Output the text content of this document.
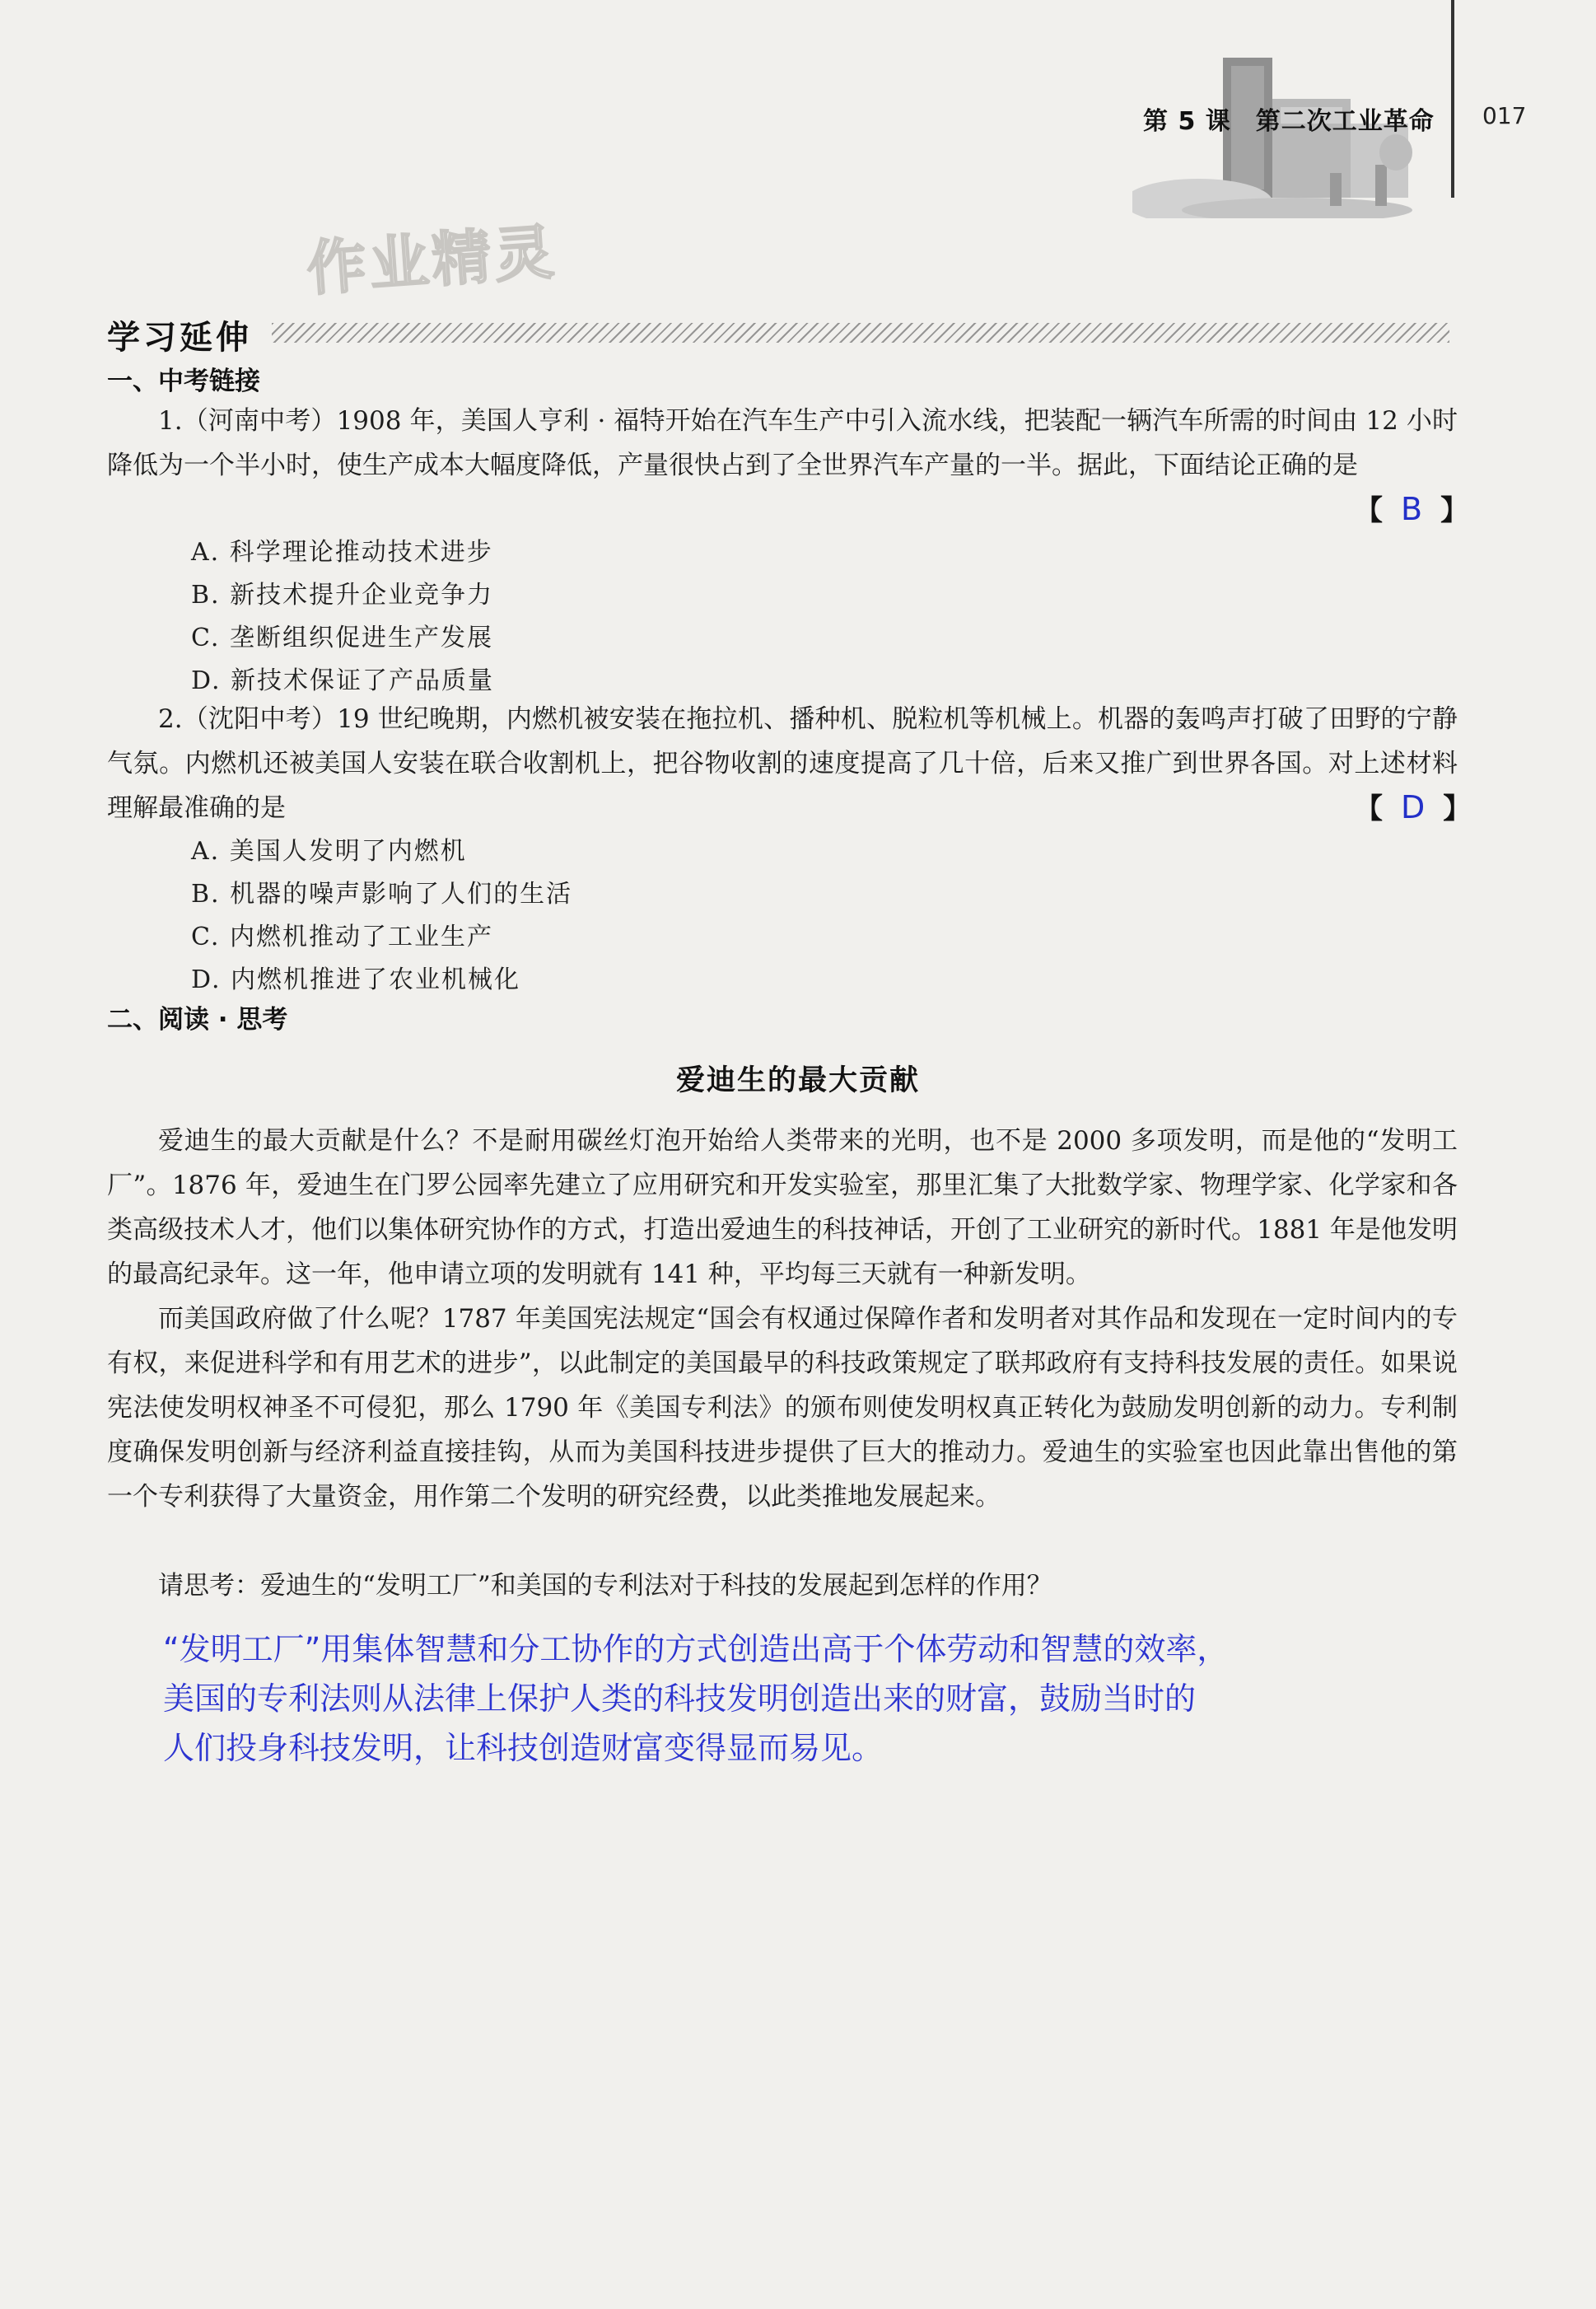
第 5 课 第二次工业革命 017
作业精灵
学习延伸
一、中考链接
1.（河南中考）1908 年，美国人亨利 · 福特开始在汽车生产中引入流水线，把装配一辆汽车所需的时间由 12 小时降低为一个半小时，使生产成本大幅度降低，产量很快占到了全世界汽车产量的一半。据此，下面结论正确的是
【 B 】
A. 科学理论推动技术进步
B. 新技术提升企业竞争力
C. 垄断组织促进生产发展
D. 新技术保证了产品质量
2.（沈阳中考）19 世纪晚期，内燃机被安装在拖拉机、播种机、脱粒机等机械上。机器的轰鸣声打破了田野的宁静气氛。内燃机还被美国人安装在联合收割机上，把谷物收割的速度提高了几十倍，后来又推广到世界各国。对上述材料理解最准确的是	【 D 】
A. 美国人发明了内燃机
B. 机器的噪声影响了人们的生活
C. 内燃机推动了工业生产
D. 内燃机推进了农业机械化
二、阅读 · 思考
爱迪生的最大贡献
爱迪生的最大贡献是什么？不是耐用碳丝灯泡开始给人类带来的光明，也不是 2000 多项发明，而是他的“发明工厂”。1876 年，爱迪生在门罗公园率先建立了应用研究和开发实验室，那里汇集了大批数学家、物理学家、化学家和各类高级技术人才，他们以集体研究协作的方式，打造出爱迪生的科技神话，开创了工业研究的新时代。1881 年是他发明的最高纪录年。这一年，他申请立项的发明就有 141 种，平均每三天就有一种新发明。
而美国政府做了什么呢？1787 年美国宪法规定“国会有权通过保障作者和发明者对其作品和发现在一定时间内的专有权，来促进科学和有用艺术的进步”，以此制定的美国最早的科技政策规定了联邦政府有支持科技发展的责任。如果说宪法使发明权神圣不可侵犯，那么 1790 年《美国专利法》的颁布则使发明权真正转化为鼓励发明创新的动力。专利制度确保发明创新与经济利益直接挂钩，从而为美国科技进步提供了巨大的推动力。爱迪生的实验室也因此靠出售他的第一个专利获得了大量资金，用作第二个发明的研究经费，以此类推地发展起来。
请思考：爱迪生的“发明工厂”和美国的专利法对于科技的发展起到怎样的作用？
“发明工厂”用集体智慧和分工协作的方式创造出高于个体劳动和智慧的效率，
美国的专利法则从法律上保护人类的科技发明创造出来的财富，鼓励当时的
人们投身科技发明，让科技创造财富变得显而易见。
